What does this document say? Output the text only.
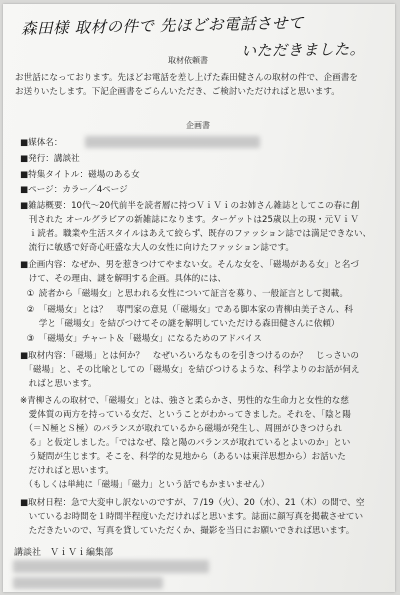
森田様 取材の件で 先ほどお電話させて
いただきました。
取材依頼書
お世話になっております。先ほどお電話を差し上げた森田健さんの取材の件で、企画書を
お送りいたします。下記企画書をごらんいただき、ご検討いただければと思います。
企画書
■媒体名：
■発行：講談社
■特集タイトル：磁場のある女
■ページ：カラー／4ページ
■雑誌概要：10代〜20代前半を読者層に持つＶｉＶｉのお姉さん雑誌としてこの春に創
　刊された オールグラビアの新雑誌になります。ターゲットは25歳以上の現・元ＶｉＶ
　ｉ読者。職業や生活スタイルはあえて絞らず、既存のファッション誌では満足できない、
　流行に敏感で好奇心旺盛な大人の女性に向けたファッション誌です。
■企画内容：なぜか、男を惹きつけてやまない女。そんな女を、「磁場がある女」と名づ
　けて、その理由、謎を解明する企画。具体的には、
① 読者から「磁場女」と思われる女性について証言を募り、一般証言として掲載。
② 「磁場女」とは？　専門家の意見（「磁場女」である脚本家の青柳由美子さん、科
学と「磁場女」を結びつけてその謎を解明していただける森田健さんに依頼）
③ 「磁場女」チャート＆「磁場女」になるためのアドバイス
■取材内容：「磁場」とは何か？　なぜいろいろなものを引きつけるのか？　じっさいの
　「磁場」と、その比喩としての「磁場女」を結びつけるような、科学よりのお話が伺え
　ればと思います。
※青柳さんの取材で、「磁場女」とは、強さと柔らかさ、男性的な生命力と女性的な慈
　愛体質の両方を持っている女だ、ということがわかってきました。それを、「陰と陽
　（＝Ｎ極とＳ極）のバランスが取れているから磁場が発生し、周囲がひきつけられ
　る」と仮定しました。「ではなぜ、陰と陽のバランスが取れているとよいのか」とい
　う疑問が生じます。そこを、科学的な見地から（あるいは東洋思想から）お話いた
　だければと思います。
　（もしくは単純に「磁場」「磁力」という話でもかまいません）
■取材日程：急で大変申し訳ないのですが、７/19（火）、20（水）、21（木）の間で、空
　いているお時間を１時間半程度いただければと思います。誌面に顔写真を掲載させてい
　ただきたいので、写真を貸していただくか、撮影を当日にお願いできれば思います。
講談社　ＶｉＶｉ編集部
